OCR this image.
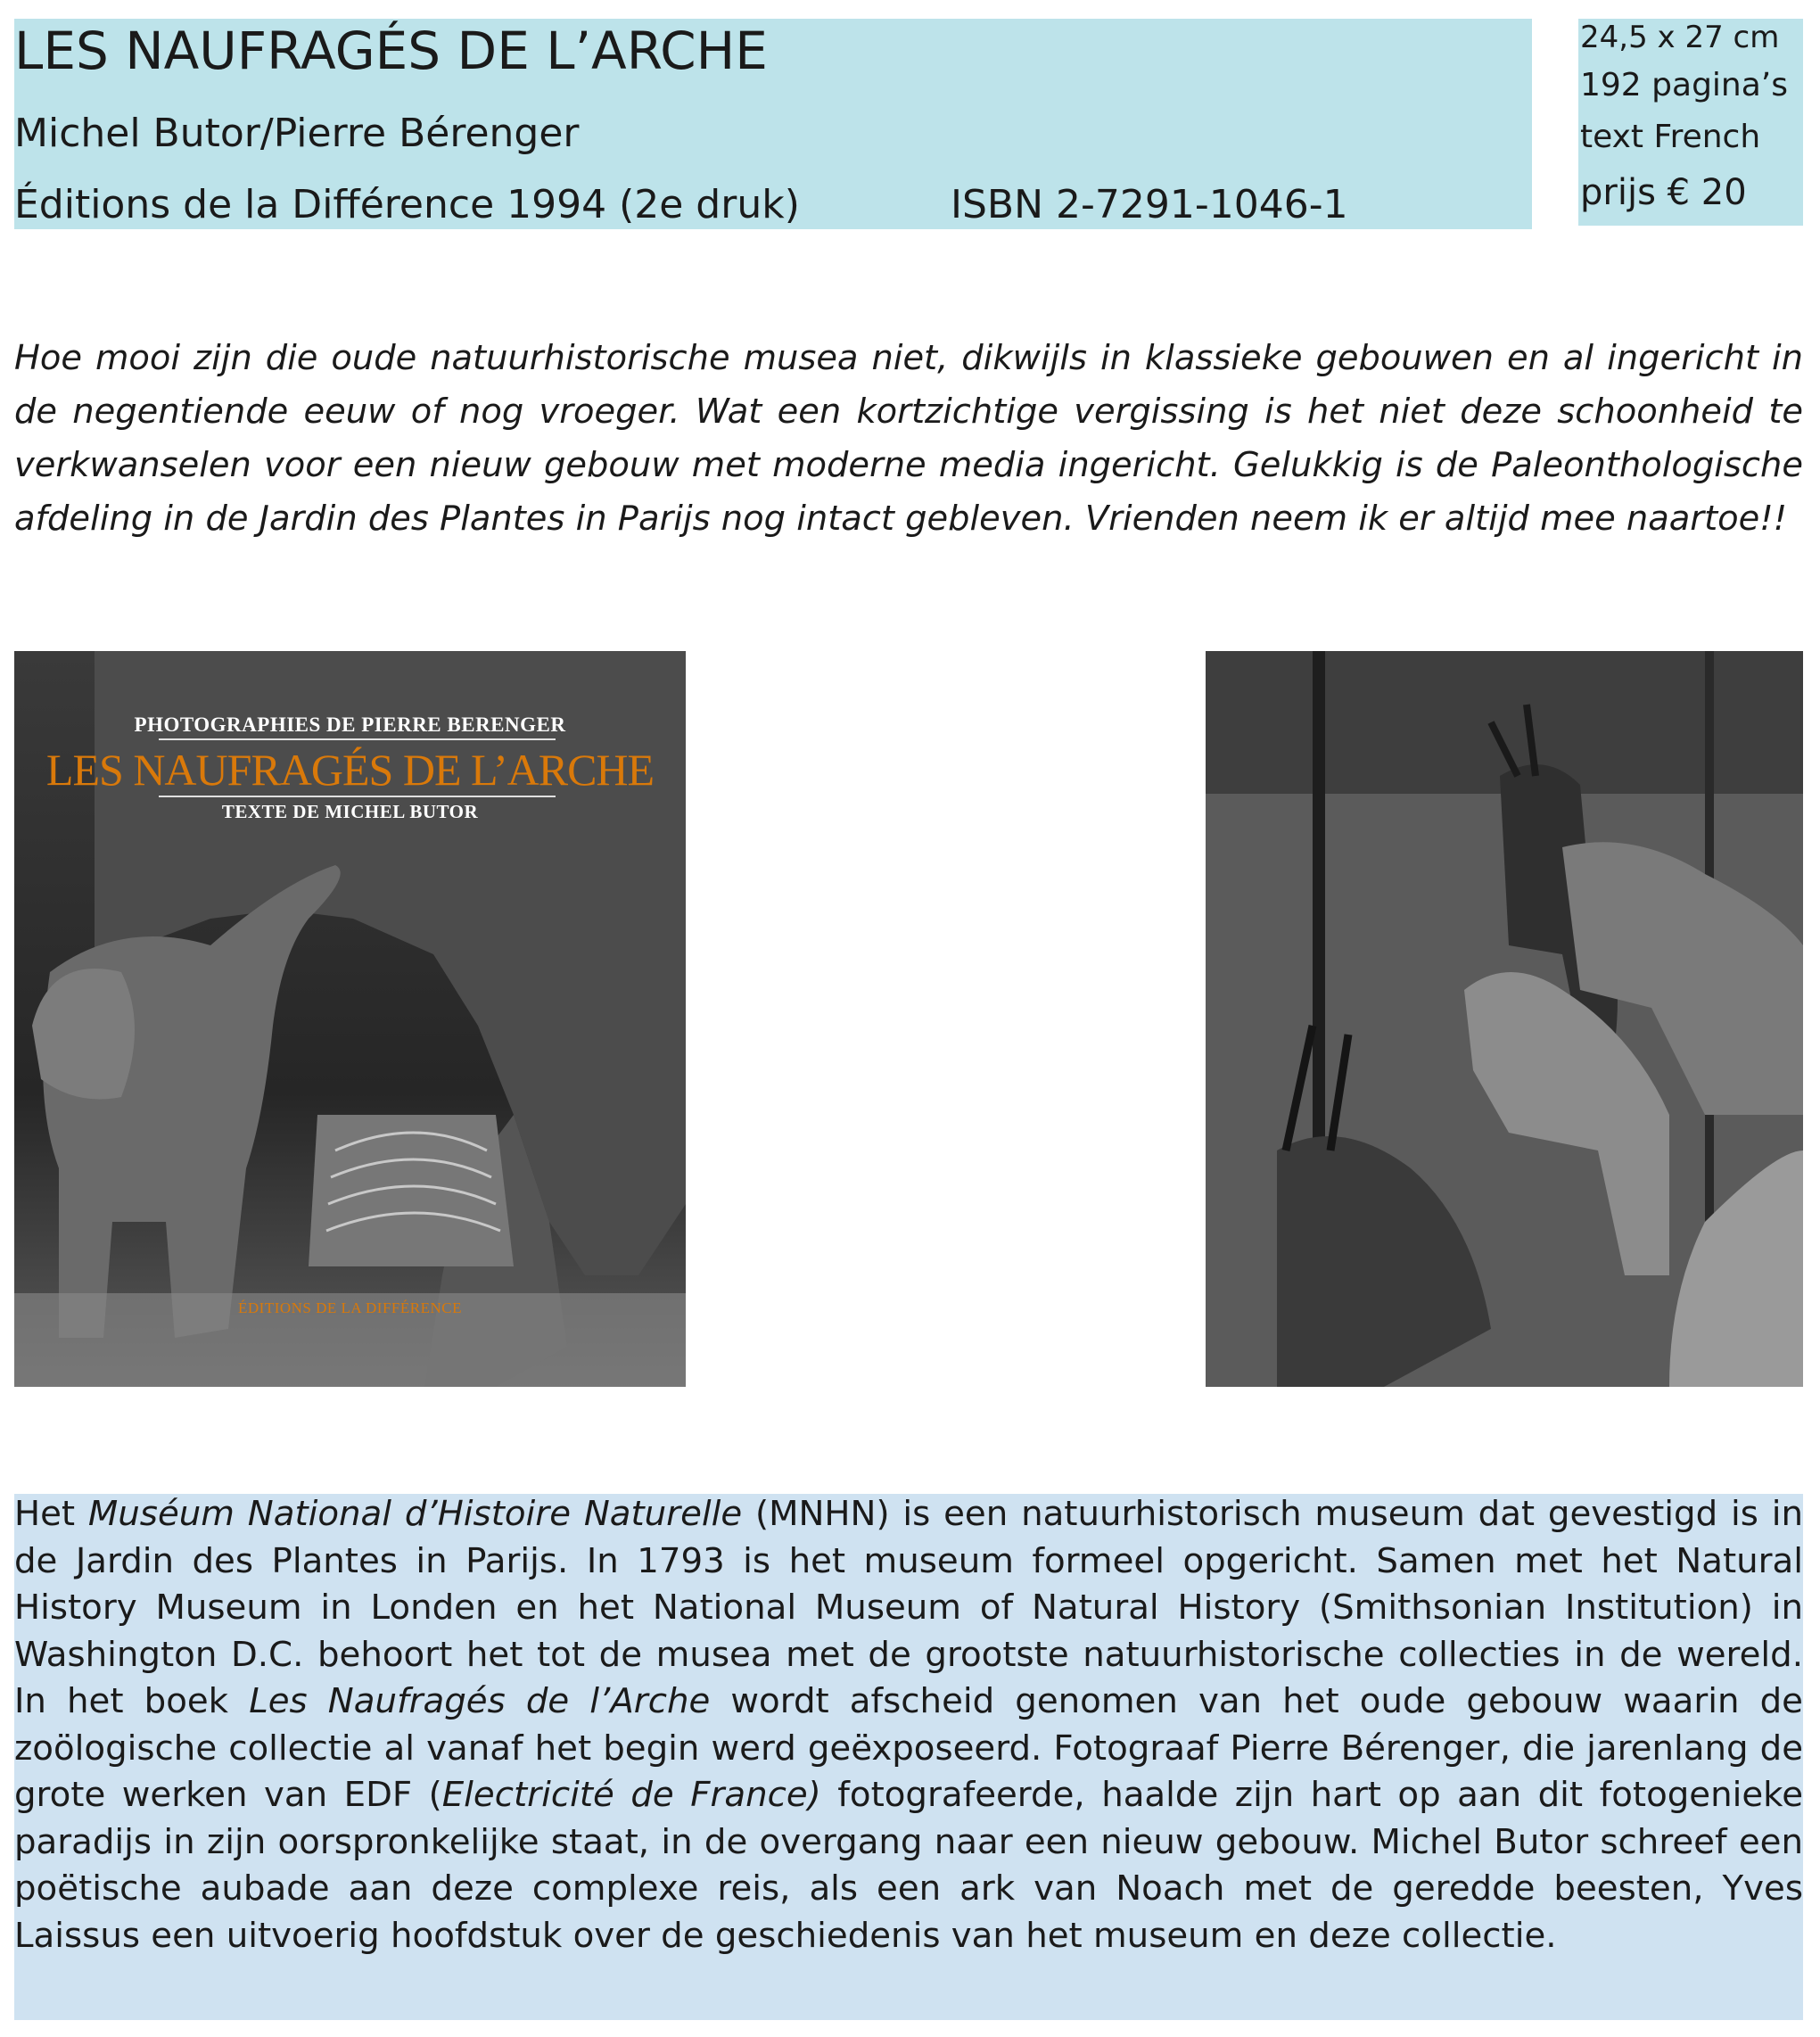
LES NAUFRAGÉS DE L’ARCHE
Michel Butor/Pierre Bérenger
Éditions de la Différence 1994 (2e druk)	ISBN 2-7291-1046-1
24,5 x 27 cm
192 pagina’s
text French
prijs € 20

Hoe mooi zijn die oude natuurhistorische musea niet, dikwijls in klassieke gebouwen en al ingericht in de negentiende eeuw of nog vroeger. Wat een kortzichtige vergissing is het niet deze schoonheid te verkwanselen voor een nieuw gebouw met moderne media ingericht. Gelukkig is de Paleonthologische afdeling in de Jardin des Plantes in Parijs nog intact gebleven. Vrienden neem ik er altijd mee naartoe!!

PHOTOGRAPHIES DE PIERRE BERENGER
LES NAUFRAGÉS DE L’ARCHE
TEXTE DE MICHEL BUTOR
ÉDITIONS DE LA DIFFÉRENCE

Het Muséum National d’Histoire Naturelle (MNHN) is een natuurhistorisch museum dat gevestigd is in de Jardin des Plantes in Parijs. In 1793 is het museum formeel opgericht. Samen met het Natural History Museum in Londen en het National Museum of Natural History (Smithsonian Institution) in Washington D.C. behoort het tot de musea met de grootste natuurhistorische collecties in de wereld. In het boek Les Naufragés de l’Arche wordt afscheid genomen van het oude gebouw waarin de zoölogische collectie al vanaf het begin werd geëxposeerd. Fotograaf Pierre Bérenger, die jarenlang de grote werken van EDF (Electricité de France) fotografeerde, haalde zijn hart op aan dit fotogenieke paradijs in zijn oorspronkelijke staat, in de overgang naar een nieuw gebouw. Michel Butor schreef een poëtische aubade aan deze complexe reis, als een ark van Noach met de geredde beesten, Yves Laissus een uitvoerig hoofdstuk over de geschiedenis van het museum en deze collectie.
